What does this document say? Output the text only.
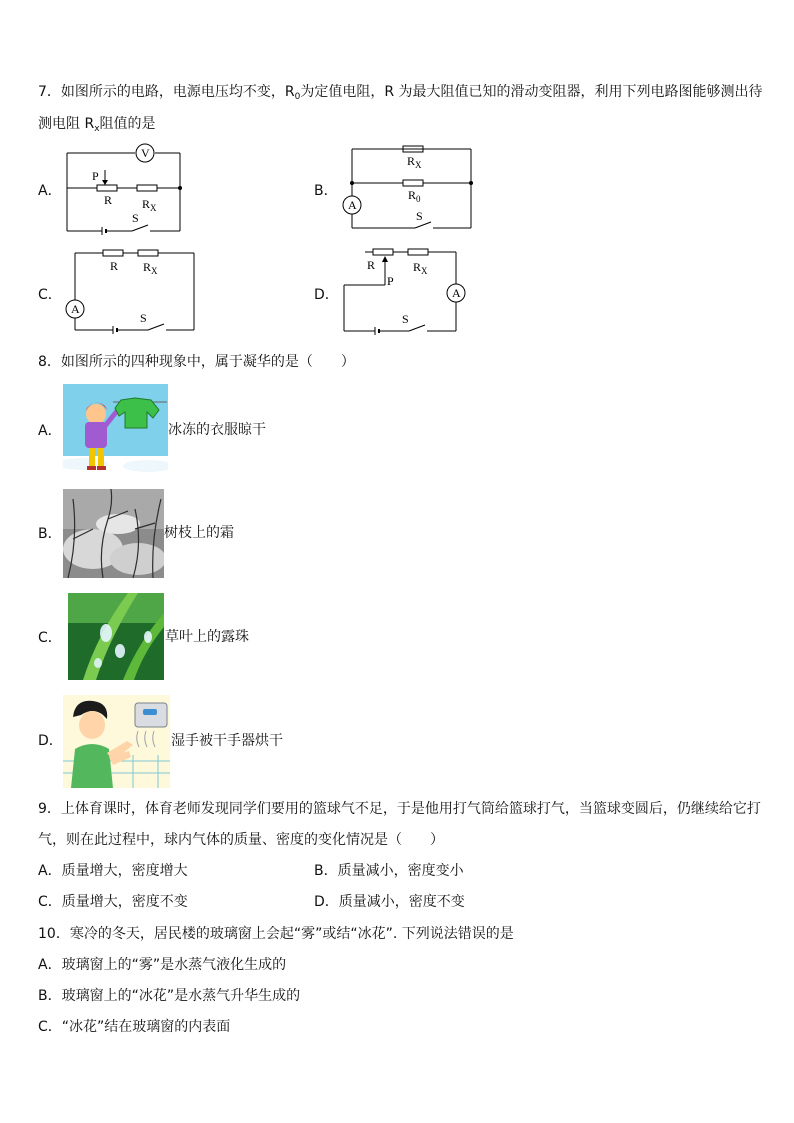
7．如图所示的电路，电源电压均不变，$R_0$为定值电阻，R 为最大阻值已知的滑动变阻器，利用下列电路图能够测出待
测电阻 $R_x$阻值的是
A．	B．
C．	D．
V
P
R $R_X$
S
A
$R_X$
$R_0$
S
A
R $R_X$
S
A
R
P
$R_X$
S
8．如图所示的四种现象中，属于凝华的是（　　）
A．	冰冻的衣服晾干
B．	树枝上的霜
C．	草叶上的露珠
D．	湿手被干手器烘干
9．上体育课时，体育老师发现同学们要用的篮球气不足，于是他用打气筒给篮球打气，当篮球变圆后，仍继续给它打
气，则在此过程中，球内气体的质量、密度的变化情况是（　　）
A．质量增大，密度增大	B．质量减小，密度变小
C．质量增大，密度不变	D．质量减小，密度不变
10．寒冷的冬天，居民楼的玻璃窗上会起“雾”或结“冰花”. 下列说法错误的是
A．玻璃窗上的“雾”是水蒸气液化生成的
B．玻璃窗上的“冰花”是水蒸气升华生成的
C．“冰花”结在玻璃窗的内表面
